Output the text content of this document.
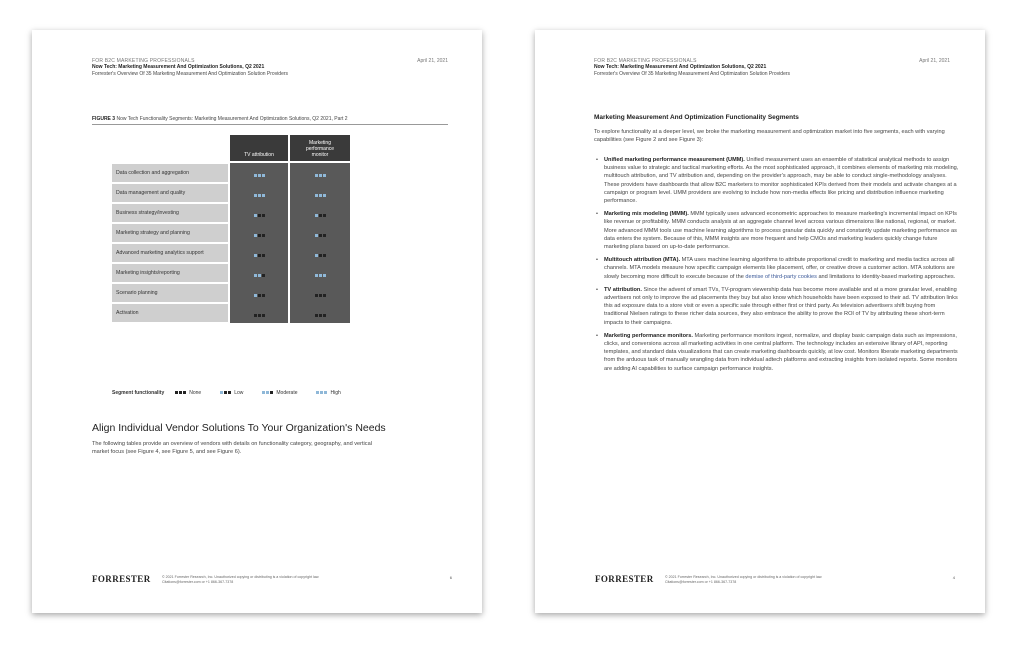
FOR B2C MARKETING PROFESSIONALS
Now Tech: Marketing Measurement And Optimization Solutions, Q2 2021
Forrester's Overview Of 35 Marketing Measurement And Optimization Solution Providers
April 21, 2021
FIGURE 3 Now Tech Functionality Segments: Marketing Measurement And Optimization Solutions, Q2 2021, Part 2
TV attribution
Marketing performance monitor
Data collection and aggregation
Data management and quality
Business strategy/investing
Marketing strategy and planning
Advanced marketing analytics support
Marketing insights/reporting
Scenario planning
Activation
Segment functionality	None	Low	Moderate	High
Align Individual Vendor Solutions To Your Organization's Needs
The following tables provide an overview of vendors with details on functionality category, geography, and vertical market focus (see Figure 4, see Figure 5, and see Figure 6).
FORRESTER	© 2021 Forrester Research, Inc. Unauthorized copying or distributing is a violation of copyright law.
Citations@forrester.com or +1 866-367-7378
6
FOR B2C MARKETING PROFESSIONALS
Now Tech: Marketing Measurement And Optimization Solutions, Q2 2021
Forrester's Overview Of 35 Marketing Measurement And Optimization Solution Providers
April 21, 2021
Marketing Measurement And Optimization Functionality Segments
To explore functionality at a deeper level, we broke the marketing measurement and optimization market into five segments, each with varying capabilities (see Figure 2 and see Figure 3):
• Unified marketing performance measurement (UMM). Unified measurement uses an ensemble of statistical analytical methods to assign business value to strategic and tactical marketing efforts. As the most sophisticated approach, it combines elements of marketing mix modeling, multitouch attribution, and TV attribution and, depending on the provider's approach, may be able to conduct single-methodology analyses. These providers have dashboards that allow B2C marketers to monitor sophisticated KPIs derived from their models and activate changes at a campaign or program level. UMM providers are evolving to include how non-media effects like pricing and distribution influence marketing performance.
• Marketing mix modeling (MMM). MMM typically uses advanced econometric approaches to measure marketing's incremental impact on KPIs like revenue or profitability. MMM conducts analysis at an aggregate channel level across various dimensions like national, regional, or market. More advanced MMM tools use machine learning algorithms to process granular data quickly and constantly update marketing performance as data enters the system. Because of this, MMM insights are more frequent and help CMOs and marketing leaders quickly change future marketing plans based on up-to-date performance.
• Multitouch attribution (MTA). MTA uses machine learning algorithms to attribute proportional credit to marketing and media tactics across all channels. MTA models measure how specific campaign elements like placement, offer, or creative drove a customer action. MTA solutions are slowly becoming more difficult to execute because of the demise of third-party cookies and limitations to identity-based marketing approaches.
• TV attribution. Since the advent of smart TVs, TV-program viewership data has become more available and at a more granular level, enabling advertisers not only to improve the ad placements they buy but also know which households have been exposed to their ad. TV attribution links this ad exposure data to a store visit or even a specific sale through either first or third party. As television advertisers shift buying from traditional Nielsen ratings to these richer data sources, they also embrace the ability to prove the ROI of TV by attributing these short-term impacts to their campaigns.
• Marketing performance monitors. Marketing performance monitors ingest, normalize, and display basic campaign data such as impressions, clicks, and conversions across all marketing activities in one central platform. The technology includes an extensive library of API, reporting templates, and standard data visualizations that can create marketing dashboards quickly, at low cost. Monitors liberate marketing departments from the arduous task of manually wrangling data from individual adtech platforms and extracting insights from isolated reports. Some monitors are adding AI capabilities to surface campaign performance insights.
FORRESTER	© 2021 Forrester Research, Inc. Unauthorized copying or distributing is a violation of copyright law.
Citations@forrester.com or +1 866-367-7378
4
